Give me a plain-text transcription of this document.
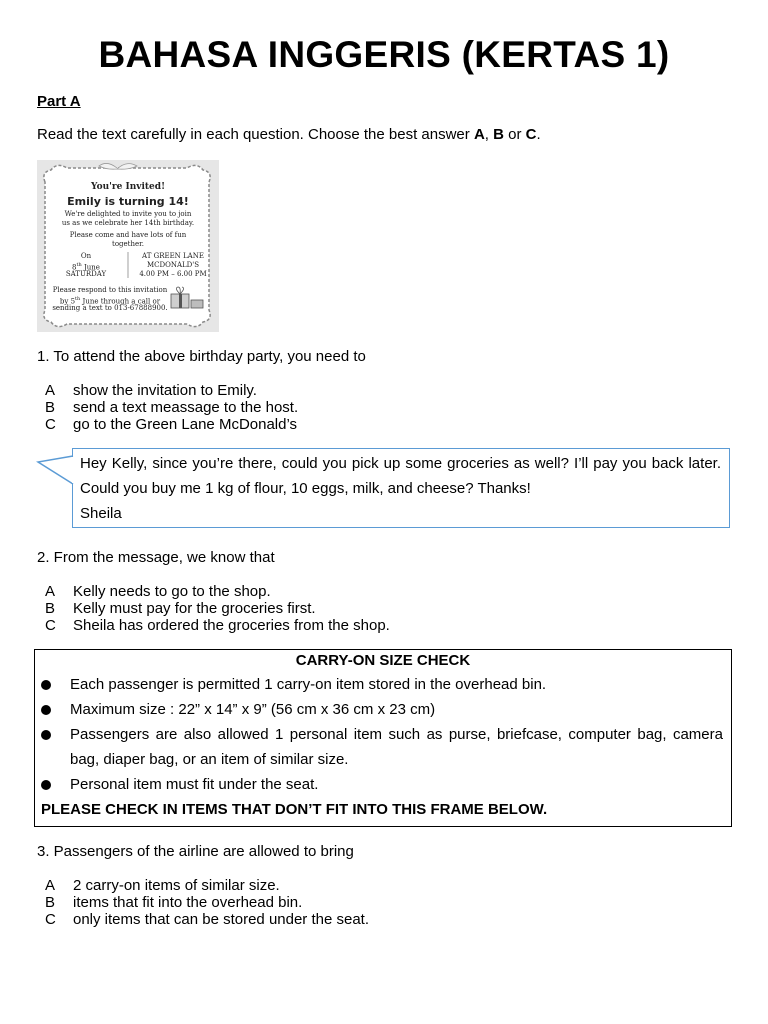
BAHASA INGGERIS (KERTAS 1)
Part A
Read the text carefully in each question. Choose the best answer A, B or C.
You're Invited!
Emily is turning 14!
We're delighted to invite you to join
us as we celebrate her 14th birthday.
Please come and have lots of fun
together.
On
8th June
SATURDAY
AT GREEN LANE
MCDONALD'S
4.00 PM – 6.00 PM
Please respond to this invitation
by 5th June through a call or
sending a text to 013-67888900.
1. To attend the above birthday party, you need to
A show the invitation to Emily.
B send a text meassage to the host.
C go to the Green Lane McDonald’s
Hey Kelly, since you’re there, could you pick up some groceries as well? I’ll pay you back later. Could you buy me 1 kg of flour, 10 eggs, milk, and cheese? Thanks!
Sheila
2. From the message, we know that
A Kelly needs to go to the shop.
B Kelly must pay for the groceries first.
C Sheila has ordered the groceries from the shop.
CARRY-ON SIZE CHECK
Each passenger is permitted 1 carry-on item stored in the overhead bin.
Maximum size : 22” x 14” x 9” (56 cm x 36 cm x 23 cm)
Passengers are also allowed 1 personal item such as purse, briefcase, computer bag, camera bag, diaper bag, or an item of similar size.
Personal item must fit under the seat.
PLEASE CHECK IN ITEMS THAT DON’T FIT INTO THIS FRAME BELOW.
3. Passengers of the airline are allowed to bring
A 2 carry-on items of similar size.
B items that fit into the overhead bin.
C only items that can be stored under the seat.
